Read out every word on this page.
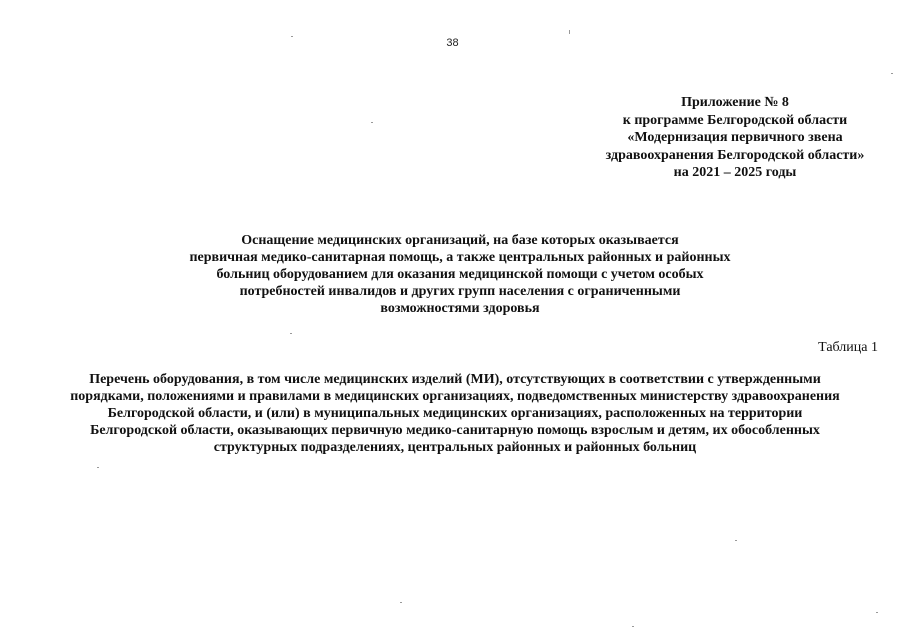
38
Приложение № 8
к программе Белгородской области
«Модернизация первичного звена
здравоохранения Белгородской области»
на 2021 – 2025 годы
Оснащение медицинских организаций, на базе которых оказывается
первичная медико-санитарная помощь, а также центральных районных и районных
больниц оборудованием для оказания медицинской помощи с учетом особых
потребностей инвалидов и других групп населения с ограниченными
возможностями здоровья
Таблица 1
Перечень оборудования, в том числе медицинских изделий (МИ), отсутствующих в соответствии с утвержденными
порядками, положениями и правилами в медицинских организациях, подведомственных министерству здравоохранения
Белгородской области, и (или) в муниципальных медицинских организациях, расположенных на территории
Белгородской области, оказывающих первичную медико-санитарную помощь взрослым и детям, их обособленных
структурных подразделениях, центральных районных и районных больниц
